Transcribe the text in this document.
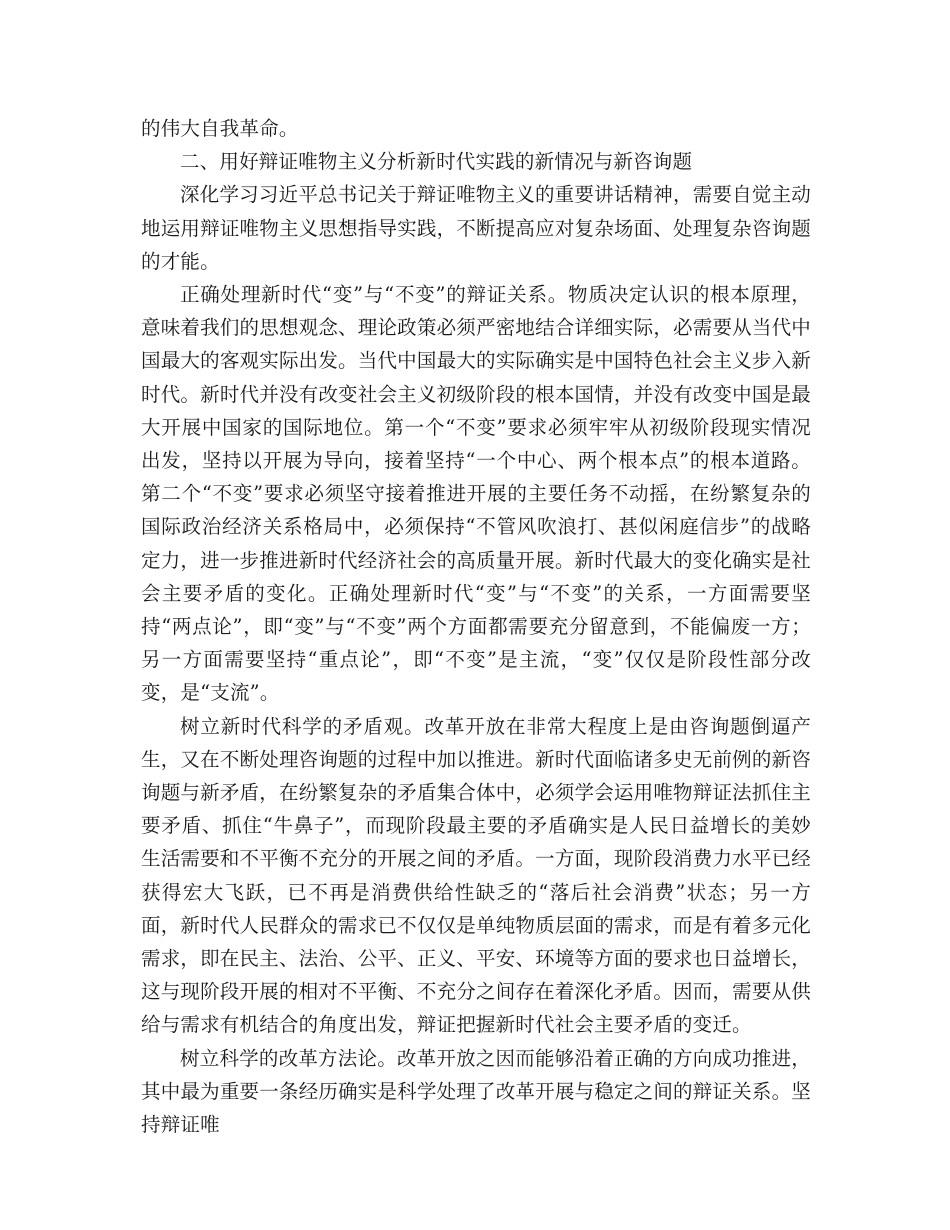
的伟大自我革命。

二、用好辩证唯物主义分析新时代实践的新情况与新咨询题

深化学习习近平总书记关于辩证唯物主义的重要讲话精神，需要自觉主动地运用辩证唯物主义思想指导实践，不断提高应对复杂场面、处理复杂咨询题的才能。

正确处理新时代“变”与“不变”的辩证关系。物质决定认识的根本原理，意味着我们的思想观念、理论政策必须严密地结合详细实际，必需要从当代中国最大的客观实际出发。当代中国最大的实际确实是中国特色社会主义步入新时代。新时代并没有改变社会主义初级阶段的根本国情，并没有改变中国是最大开展中国家的国际地位。第一个“不变”要求必须牢牢从初级阶段现实情况出发，坚持以开展为导向，接着坚持“一个中心、两个根本点”的根本道路。第二个“不变”要求必须坚守接着推进开展的主要任务不动摇，在纷繁复杂的国际政治经济关系格局中，必须保持“不管风吹浪打、甚似闲庭信步”的战略定力，进一步推进新时代经济社会的高质量开展。新时代最大的变化确实是社会主要矛盾的变化。正确处理新时代“变”与“不变”的关系，一方面需要坚持“两点论”，即“变”与“不变”两个方面都需要充分留意到，不能偏废一方；另一方面需要坚持“重点论”，即“不变”是主流，“变”仅仅是阶段性部分改变，是“支流”。

树立新时代科学的矛盾观。改革开放在非常大程度上是由咨询题倒逼产生，又在不断处理咨询题的过程中加以推进。新时代面临诸多史无前例的新咨询题与新矛盾，在纷繁复杂的矛盾集合体中，必须学会运用唯物辩证法抓住主要矛盾、抓住“牛鼻子”，而现阶段最主要的矛盾确实是人民日益增长的美妙生活需要和不平衡不充分的开展之间的矛盾。一方面，现阶段消费力水平已经获得宏大飞跃，已不再是消费供给性缺乏的“落后社会消费”状态；另一方面，新时代人民群众的需求已不仅仅是单纯物质层面的需求，而是有着多元化需求，即在民主、法治、公平、正义、平安、环境等方面的要求也日益增长，这与现阶段开展的相对不平衡、不充分之间存在着深化矛盾。因而，需要从供给与需求有机结合的角度出发，辩证把握新时代社会主要矛盾的变迁。

树立科学的改革方法论。改革开放之因而能够沿着正确的方向成功推进，其中最为重要一条经历确实是科学处理了改革开展与稳定之间的辩证关系。坚持辩证唯
